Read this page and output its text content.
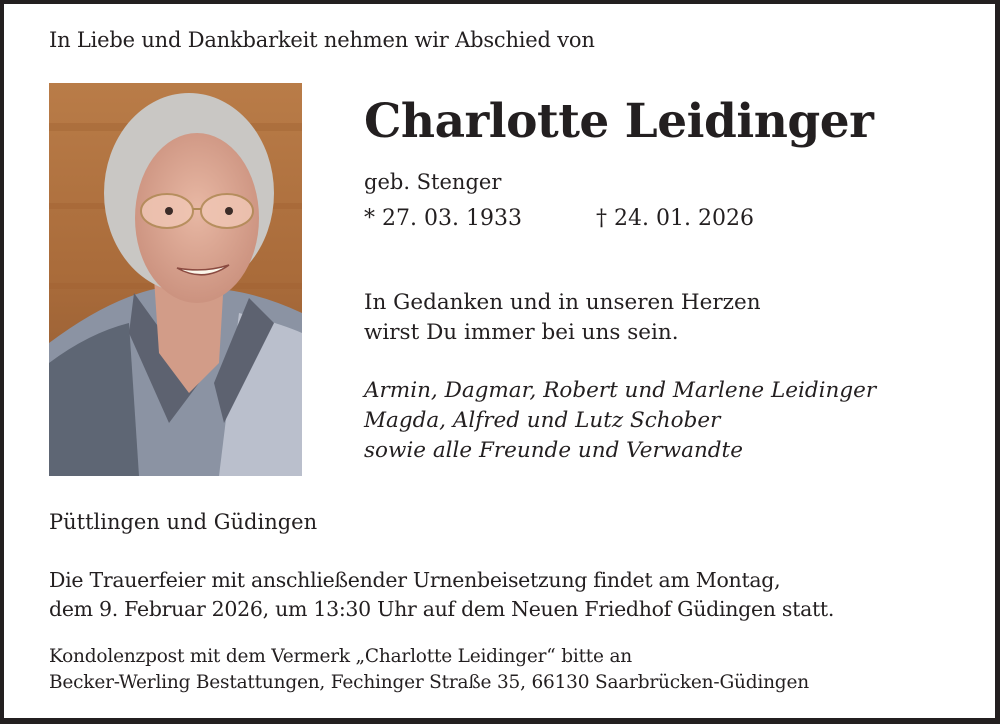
In Liebe und Dankbarkeit nehmen wir Abschied von
Charlotte Leidinger
geb. Stenger
* 27. 03. 1933	† 24. 01. 2026
In Gedanken und in unseren Herzen
wirst Du immer bei uns sein.
Armin, Dagmar, Robert und Marlene Leidinger
Magda, Alfred und Lutz Schober
sowie alle Freunde und Verwandte
Püttlingen und Güdingen
Die Trauerfeier mit anschließender Urnenbeisetzung findet am Montag,
dem 9. Februar 2026, um 13:30 Uhr auf dem Neuen Friedhof Güdingen statt.
Kondolenzpost mit dem Vermerk „Charlotte Leidinger“ bitte an
Becker-Werling Bestattungen, Fechinger Straße 35, 66130 Saarbrücken-Güdingen
